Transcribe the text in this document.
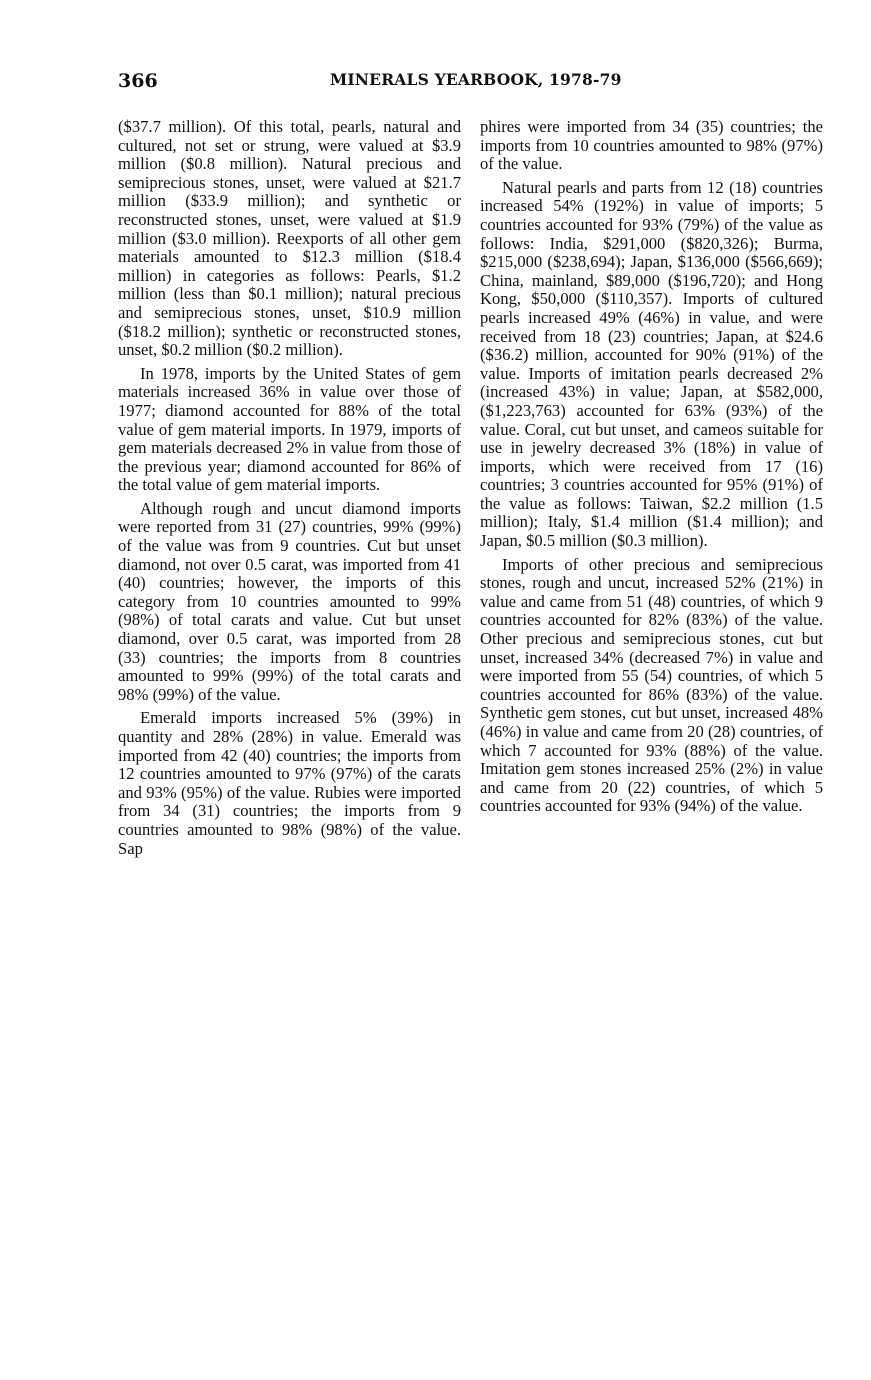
366	MINERALS YEARBOOK, 1978-79

($37.7 million). Of this total, pearls, natural and cultured, not set or strung, were valued at $3.9 million ($0.8 million). Natural precious and semiprecious stones, unset, were valued at $21.7 million ($33.9 million); and synthetic or reconstructed stones, unset, were valued at $1.9 million ($3.0 million). Reexports of all other gem materials amounted to $12.3 million ($18.4 million) in categories as follows: Pearls, $1.2 million (less than $0.1 million); natural precious and semiprecious stones, unset, $10.9 million ($18.2 million); synthetic or reconstructed stones, unset, $0.2 million ($0.2 million).

In 1978, imports by the United States of gem materials increased 36% in value over those of 1977; diamond accounted for 88% of the total value of gem material imports. In 1979, imports of gem materials decreased 2% in value from those of the previous year; diamond accounted for 86% of the total value of gem material imports.

Although rough and uncut diamond imports were reported from 31 (27) countries, 99% (99%) of the value was from 9 countries. Cut but unset diamond, not over 0.5 carat, was imported from 41 (40) countries; however, the imports of this category from 10 countries amounted to 99% (98%) of total carats and value. Cut but unset diamond, over 0.5 carat, was imported from 28 (33) countries; the imports from 8 countries amounted to 99% (99%) of the total carats and 98% (99%) of the value.

Emerald imports increased 5% (39%) in quantity and 28% (28%) in value. Emerald was imported from 42 (40) countries; the imports from 12 countries amounted to 97% (97%) of the carats and 93% (95%) of the value. Rubies were imported from 34 (31) countries; the imports from 9 countries amounted to 98% (98%) of the value. Sap

phires were imported from 34 (35) countries; the imports from 10 countries amounted to 98% (97%) of the value.

Natural pearls and parts from 12 (18) countries increased 54% (192%) in value of imports; 5 countries accounted for 93% (79%) of the value as follows: India, $291,000 ($820,326); Burma, $215,000 ($238,694); Japan, $136,000 ($566,669); China, mainland, $89,000 ($196,720); and Hong Kong, $50,000 ($110,357). Imports of cultured pearls increased 49% (46%) in value, and were received from 18 (23) countries; Japan, at $24.6 ($36.2) million, accounted for 90% (91%) of the value. Imports of imitation pearls decreased 2% (increased 43%) in value; Japan, at $582,000, ($1,223,763) accounted for 63% (93%) of the value. Coral, cut but unset, and cameos suitable for use in jewelry decreased 3% (18%) in value of imports, which were received from 17 (16) countries; 3 countries accounted for 95% (91%) of the value as follows: Taiwan, $2.2 million (1.5 million); Italy, $1.4 million ($1.4 million); and Japan, $0.5 million ($0.3 million).

Imports of other precious and semiprecious stones, rough and uncut, increased 52% (21%) in value and came from 51 (48) countries, of which 9 countries accounted for 82% (83%) of the value. Other precious and semiprecious stones, cut but unset, increased 34% (decreased 7%) in value and were imported from 55 (54) countries, of which 5 countries accounted for 86% (83%) of the value. Synthetic gem stones, cut but unset, increased 48% (46%) in value and came from 20 (28) countries, of which 7 accounted for 93% (88%) of the value. Imitation gem stones increased 25% (2%) in value and came from 20 (22) countries, of which 5 countries accounted for 93% (94%) of the value.
